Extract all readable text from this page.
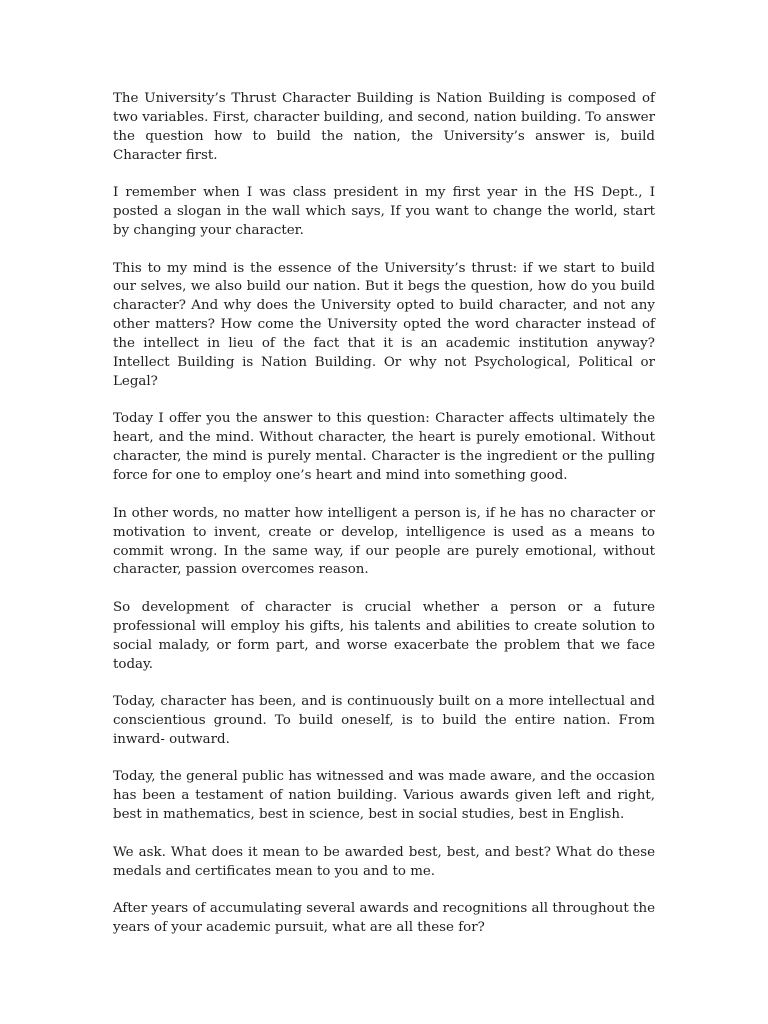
The University’s Thrust Character Building is Nation Building is composed of two variables. First, character building, and second, nation building. To answer the question how to build the nation, the University’s answer is, build Character first.

I remember when I was class president in my first year in the HS Dept., I posted a slogan in the wall which says, If you want to change the world, start by changing your character.

This to my mind is the essence of the University’s thrust: if we start to build our selves, we also build our nation. But it begs the question, how do you build character? And why does the University opted to build character, and not any other matters? How come the University opted the word character instead of the intellect in lieu of the fact that it is an academic institution anyway? Intellect Building is Nation Building. Or why not Psychological, Political or Legal?

Today I offer you the answer to this question: Character affects ultimately the heart, and the mind. Without character, the heart is purely emotional. Without character, the mind is purely mental. Character is the ingredient or the pulling force for one to employ one’s heart and mind into something good.

In other words, no matter how intelligent a person is, if he has no character or motivation to invent, create or develop, intelligence is used as a means to commit wrong. In the same way, if our people are purely emotional, without character, passion overcomes reason.

So development of character is crucial whether a person or a future professional will employ his gifts, his talents and abilities to create solution to social malady, or form part, and worse exacerbate the problem that we face today.

Today, character has been, and is continuously built on a more intellectual and conscientious ground. To build oneself, is to build the entire nation. From inward- outward.

Today, the general public has witnessed and was made aware, and the occasion has been a testament of nation building. Various awards given left and right, best in mathematics, best in science, best in social studies, best in English.

We ask. What does it mean to be awarded best, best, and best? What do these medals and certificates mean to you and to me.

After years of accumulating several awards and recognitions all throughout the years of your academic pursuit, what are all these for?
